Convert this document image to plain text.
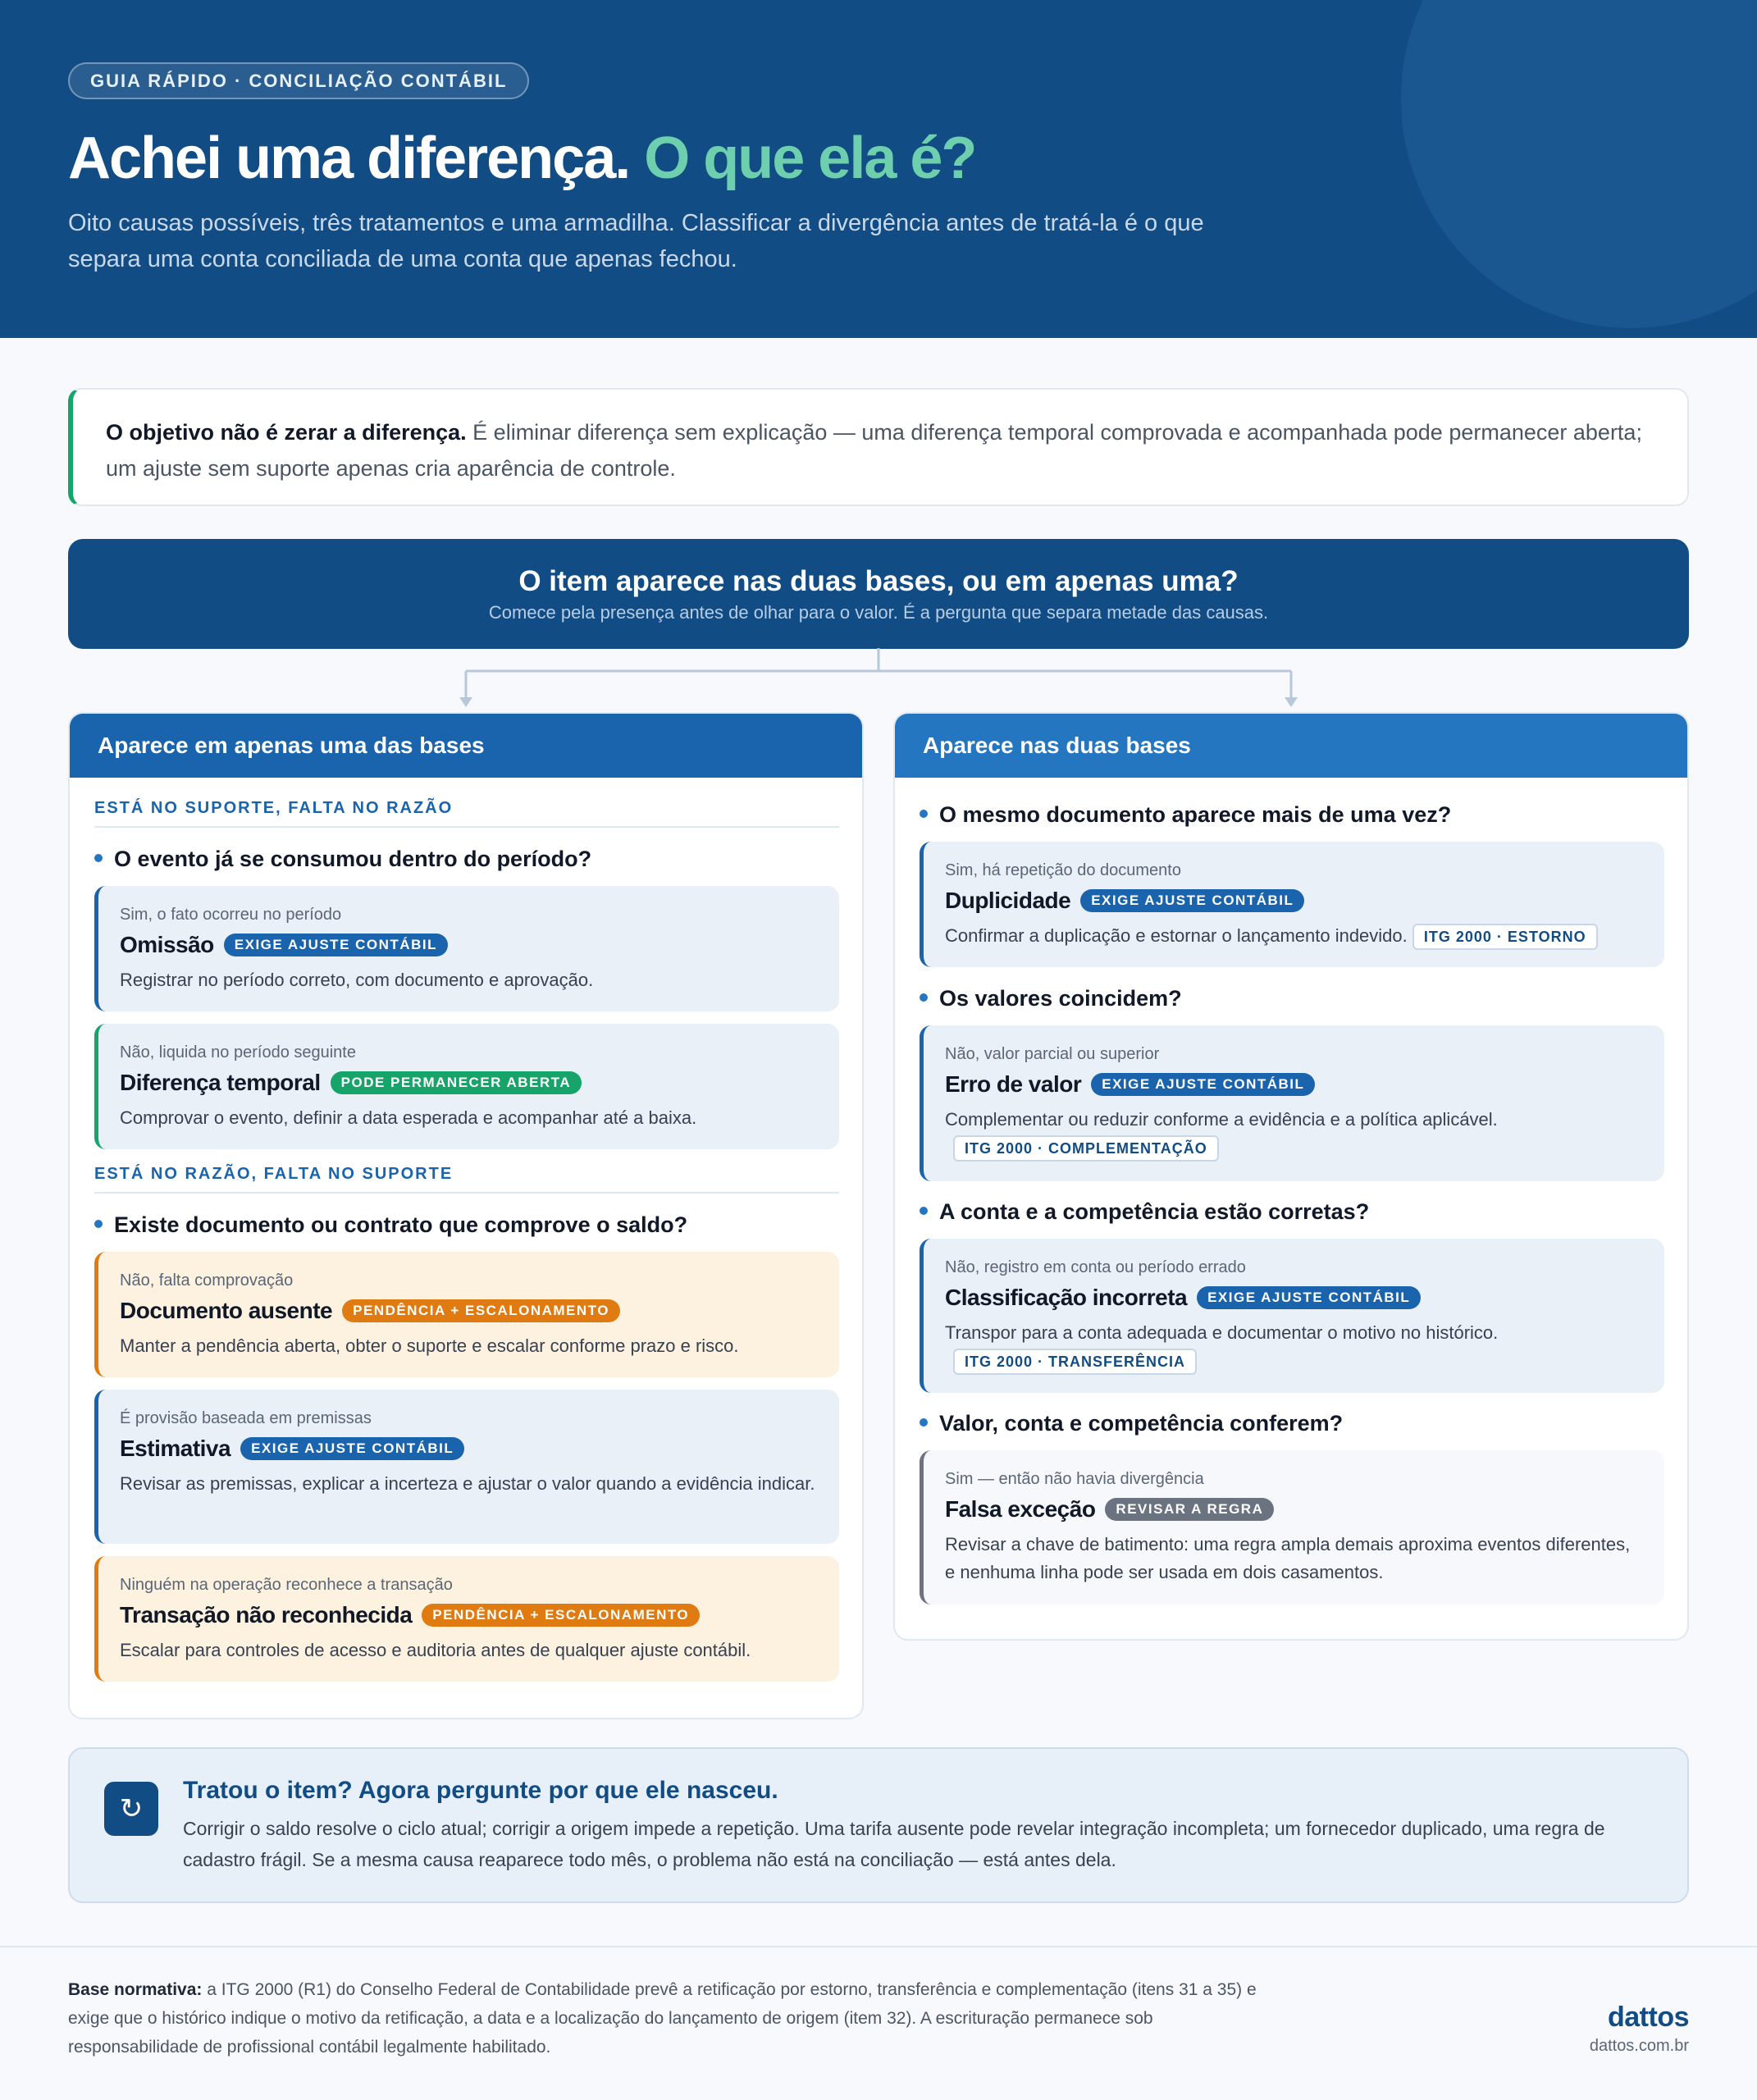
GUIA RÁPIDO · CONCILIAÇÃO CONTÁBIL
Achei uma diferença. O que ela é?
Oito causas possíveis, três tratamentos e uma armadilha. Classificar a divergência antes de tratá-la é o que separa uma conta conciliada de uma conta que apenas fechou.
O objetivo não é zerar a diferença. É eliminar diferença sem explicação — uma diferença temporal comprovada e acompanhada pode permanecer aberta; um ajuste sem suporte apenas cria aparência de controle.
O item aparece nas duas bases, ou em apenas uma?
Comece pela presença antes de olhar para o valor. É a pergunta que separa metade das causas.
Aparece em apenas uma das bases
ESTÁ NO SUPORTE, FALTA NO RAZÃO
O evento já se consumou dentro do período?
Sim, o fato ocorreu no período
Omissão EXIGE AJUSTE CONTÁBIL
Registrar no período correto, com documento e aprovação.
Não, liquida no período seguinte
Diferença temporal PODE PERMANECER ABERTA
Comprovar o evento, definir a data esperada e acompanhar até a baixa.
ESTÁ NO RAZÃO, FALTA NO SUPORTE
Existe documento ou contrato que comprove o saldo?
Não, falta comprovação
Documento ausente PENDÊNCIA + ESCALONAMENTO
Manter a pendência aberta, obter o suporte e escalar conforme prazo e risco.
É provisão baseada em premissas
Estimativa EXIGE AJUSTE CONTÁBIL
Revisar as premissas, explicar a incerteza e ajustar o valor quando a evidência indicar.
Ninguém na operação reconhece a transação
Transação não reconhecida PENDÊNCIA + ESCALONAMENTO
Escalar para controles de acesso e auditoria antes de qualquer ajuste contábil.
Aparece nas duas bases
O mesmo documento aparece mais de uma vez?
Sim, há repetição do documento
Duplicidade EXIGE AJUSTE CONTÁBIL
Confirmar a duplicação e estornar o lançamento indevido. ITG 2000 · ESTORNO
Os valores coincidem?
Não, valor parcial ou superior
Erro de valor EXIGE AJUSTE CONTÁBIL
Complementar ou reduzir conforme a evidência e a política aplicável.
ITG 2000 · COMPLEMENTAÇÃO
A conta e a competência estão corretas?
Não, registro em conta ou período errado
Classificação incorreta EXIGE AJUSTE CONTÁBIL
Transpor para a conta adequada e documentar o motivo no histórico.
ITG 2000 · TRANSFERÊNCIA
Valor, conta e competência conferem?
Sim — então não havia divergência
Falsa exceção REVISAR A REGRA
Revisar a chave de batimento: uma regra ampla demais aproxima eventos diferentes, e nenhuma linha pode ser usada em dois casamentos.
↻
Tratou o item? Agora pergunte por que ele nasceu.
Corrigir o saldo resolve o ciclo atual; corrigir a origem impede a repetição. Uma tarifa ausente pode revelar integração incompleta; um fornecedor duplicado, uma regra de cadastro frágil. Se a mesma causa reaparece todo mês, o problema não está na conciliação — está antes dela.
Base normativa: a ITG 2000 (R1) do Conselho Federal de Contabilidade prevê a retificação por estorno, transferência e complementação (itens 31 a 35) e exige que o histórico indique o motivo da retificação, a data e a localização do lançamento de origem (item 32). A escrituração permanece sob responsabilidade de profissional contábil legalmente habilitado.
dattos
dattos.com.br
